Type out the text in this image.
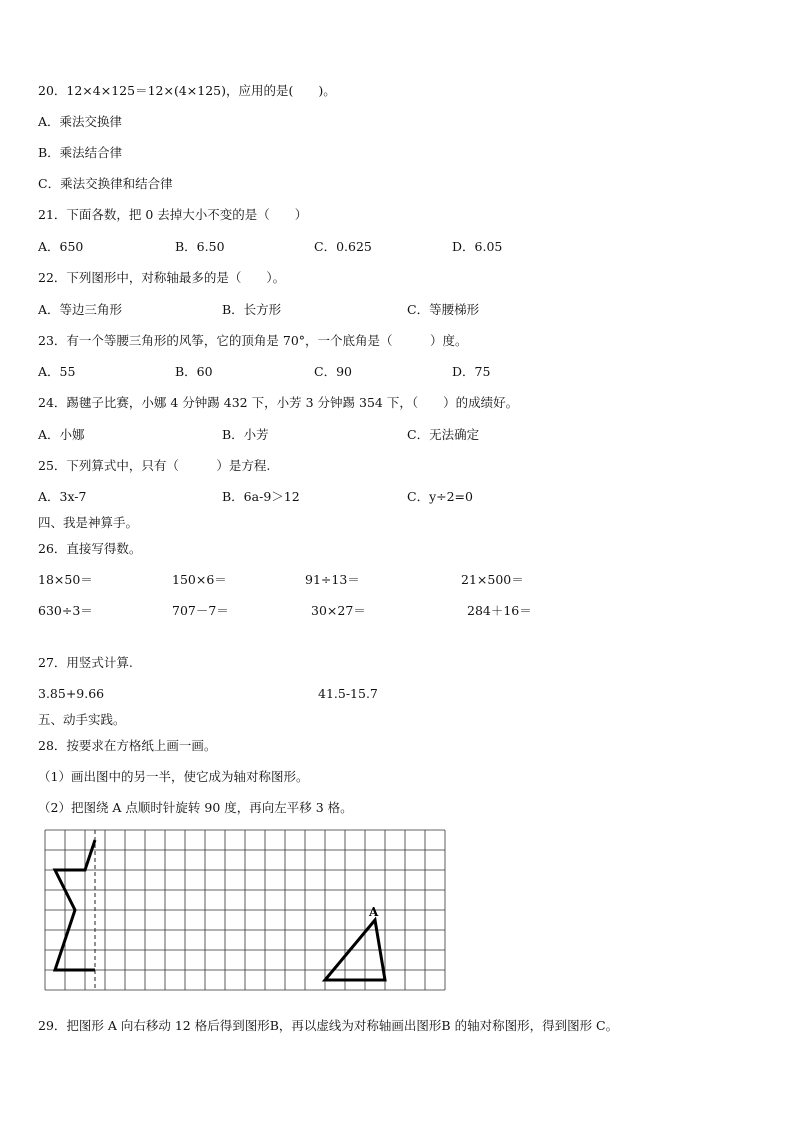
20．12×4×125＝12×(4×125)，应用的是(　　)。
A．乘法交换律
B．乘法结合律
C．乘法交换律和结合律
21．下面各数，把 0 去掉大小不变的是（　　）
A．650	B．6.50	C．0.625	D．6.05
22．下列图形中，对称轴最多的是（　　）。
A．等边三角形	B．长方形	C．等腰梯形
23．有一个等腰三角形的风筝，它的顶角是 70°，一个底角是（　　　）度。
A．55	B．60	C．90	D．75
24．踢毽子比赛，小娜 4 分钟踢 432 下，小芳 3 分钟踢 354 下，（　　）的成绩好。
A．小娜	B．小芳	C．无法确定
25．下列算式中，只有（　　　）是方程.
A．3x-7	B．6a-9＞12	C．y÷2=0
四、我是神算手。
26．直接写得数。
18×50＝	150×6＝	91÷13＝	21×500＝
630÷3＝	707－7＝	30×27＝	284＋16＝
27．用竖式计算.
3.85+9.66	41.5-15.7
五、动手实践。
28．按要求在方格纸上画一画。
（1）画出图中的另一半，使它成为轴对称图形。
（2）把图绕 A 点顺时针旋转 90 度，再向左平移 3 格。
A
29．把图形 A 向右移动 12 格后得到图形B，再以虚线为对称轴画出图形B 的轴对称图形，得到图形 C。
